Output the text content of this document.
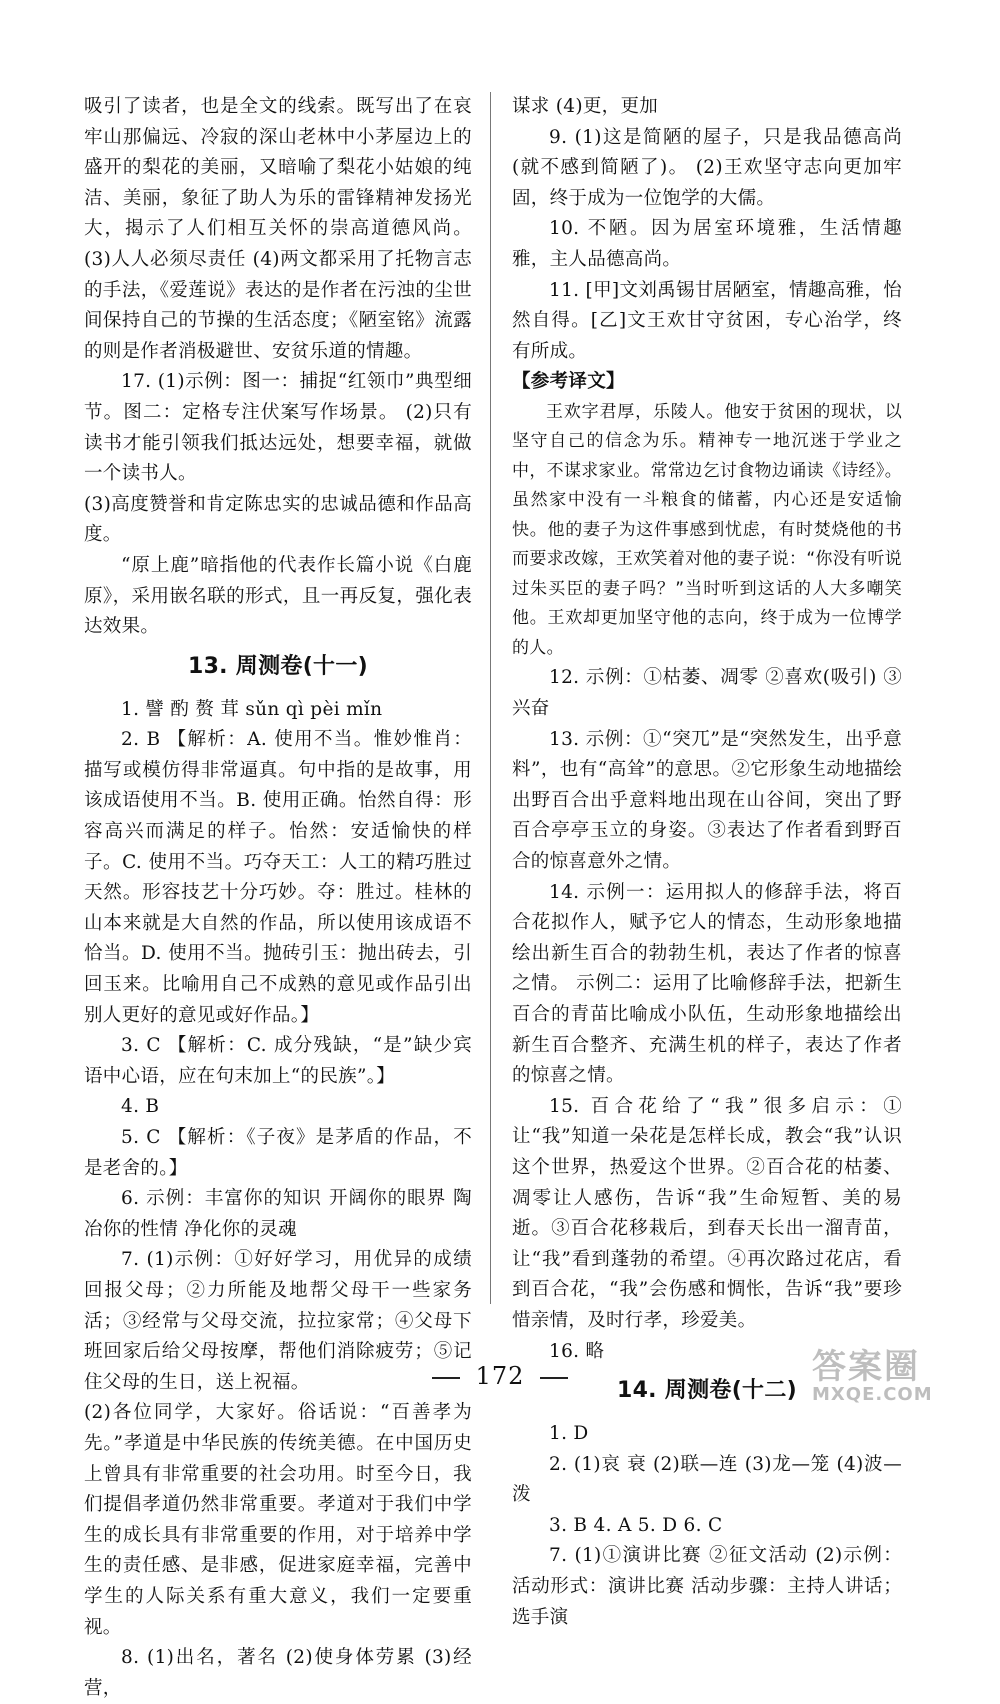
吸引了读者，也是全文的线索。既写出了在哀牢山那偏远、冷寂的深山老林中小茅屋边上的盛开的梨花的美丽，又暗喻了梨花小姑娘的纯洁、美丽，象征了助人为乐的雷锋精神发扬光大，揭示了人们相互关怀的崇高道德风尚。 (3)人人必须尽责任 (4)两文都采用了托物言志的手法，《爱莲说》表达的是作者在污浊的尘世间保持自己的节操的生活态度；《陋室铭》流露的则是作者消极避世、安贫乐道的情趣。

17. (1)示例：图一：捕捉“红领巾”典型细节。图二：定格专注伏案写作场景。 (2)只有读书才能引领我们抵达远处，想要幸福，就做一个读书人。

(3)高度赞誉和肯定陈忠实的忠诚品德和作品高度。

“原上鹿”暗指他的代表作长篇小说《白鹿原》，采用嵌名联的形式，且一再反复，强化表达效果。

13. 周测卷(十一)

1. 譬 酌 赘 茸 sǔn qì pèi mǐn

2. B 【解析：A. 使用不当。惟妙惟肖：描写或模仿得非常逼真。句中指的是故事，用该成语使用不当。B. 使用正确。怡然自得：形容高兴而满足的样子。怡然：安适愉快的样子。C. 使用不当。巧夺天工：人工的精巧胜过天然。形容技艺十分巧妙。夺：胜过。桂林的山本来就是大自然的作品，所以使用该成语不恰当。D. 使用不当。抛砖引玉：抛出砖去，引回玉来。比喻用自己不成熟的意见或作品引出别人更好的意见或好作品。】

3. C 【解析：C. 成分残缺，“是”缺少宾语中心语，应在句末加上“的民族”。】

4. B

5. C 【解析：《子夜》是茅盾的作品，不是老舍的。】

6. 示例：丰富你的知识 开阔你的眼界 陶冶你的性情 净化你的灵魂

7. (1)示例：①好好学习，用优异的成绩回报父母；②力所能及地帮父母干一些家务活；③经常与父母交流，拉拉家常；④父母下班回家后给父母按摩，帮他们消除疲劳；⑤记住父母的生日，送上祝福。

(2)各位同学，大家好。俗话说：“百善孝为先。”孝道是中华民族的传统美德。在中国历史上曾具有非常重要的社会功用。时至今日，我们提倡孝道仍然非常重要。孝道对于我们中学生的成长具有非常重要的作用，对于培养中学生的责任感、是非感，促进家庭幸福，完善中学生的人际关系有重大意义，我们一定要重视。

8. (1)出名，著名 (2)使身体劳累 (3)经营，

谋求 (4)更，更加

9. (1)这是简陋的屋子，只是我品德高尚(就不感到简陋了)。 (2)王欢坚守志向更加牢固，终于成为一位饱学的大儒。

10. 不陋。因为居室环境雅，生活情趣雅，主人品德高尚。

11. [甲]文刘禹锡甘居陋室，情趣高雅，怡然自得。[乙]文王欢甘守贫困，专心治学，终有所成。

【参考译文】

王欢字君厚，乐陵人。他安于贫困的现状，以坚守自己的信念为乐。精神专一地沉迷于学业之中，不谋求家业。常常边乞讨食物边诵读《诗经》。虽然家中没有一斗粮食的储蓄，内心还是安适愉快。他的妻子为这件事感到忧虑，有时焚烧他的书而要求改嫁，王欢笑着对他的妻子说：“你没有听说过朱买臣的妻子吗？”当时听到这话的人大多嘲笑他。王欢却更加坚守他的志向，终于成为一位博学的人。

12. 示例：①枯萎、凋零 ②喜欢(吸引) ③兴奋

13. 示例：①“突兀”是“突然发生，出乎意料”，也有“高耸”的意思。②它形象生动地描绘出野百合出乎意料地出现在山谷间，突出了野百合亭亭玉立的身姿。③表达了作者看到野百合的惊喜意外之情。

14. 示例一：运用拟人的修辞手法，将百合花拟作人，赋予它人的情态，生动形象地描绘出新生百合的勃勃生机，表达了作者的惊喜之情。 示例二：运用了比喻修辞手法，把新生百合的青苗比喻成小队伍，生动形象地描绘出新生百合整齐、充满生机的样子，表达了作者的惊喜之情。

15. 百合花给了“我”很多启示：①让“我”知道一朵花是怎样长成，教会“我”认识这个世界，热爱这个世界。②百合花的枯萎、凋零让人感伤，告诉“我”生命短暂、美的易逝。③百合花移栽后，到春天长出一溜青苗，让“我”看到蓬勃的希望。④再次路过花店，看到百合花，“我”会伤感和惆怅，告诉“我”要珍惜亲情，及时行孝，珍爱美。

16. 略

14. 周测卷(十二)

1. D

2. (1)哀 衰 (2)联—连 (3)龙—笼 (4)波—泼

3. B 4. A 5. D 6. C

7. (1)①演讲比赛 ②征文活动 (2)示例：活动形式：演讲比赛 活动步骤：主持人讲话；选手演

172	答案圈
MXQE.COM
